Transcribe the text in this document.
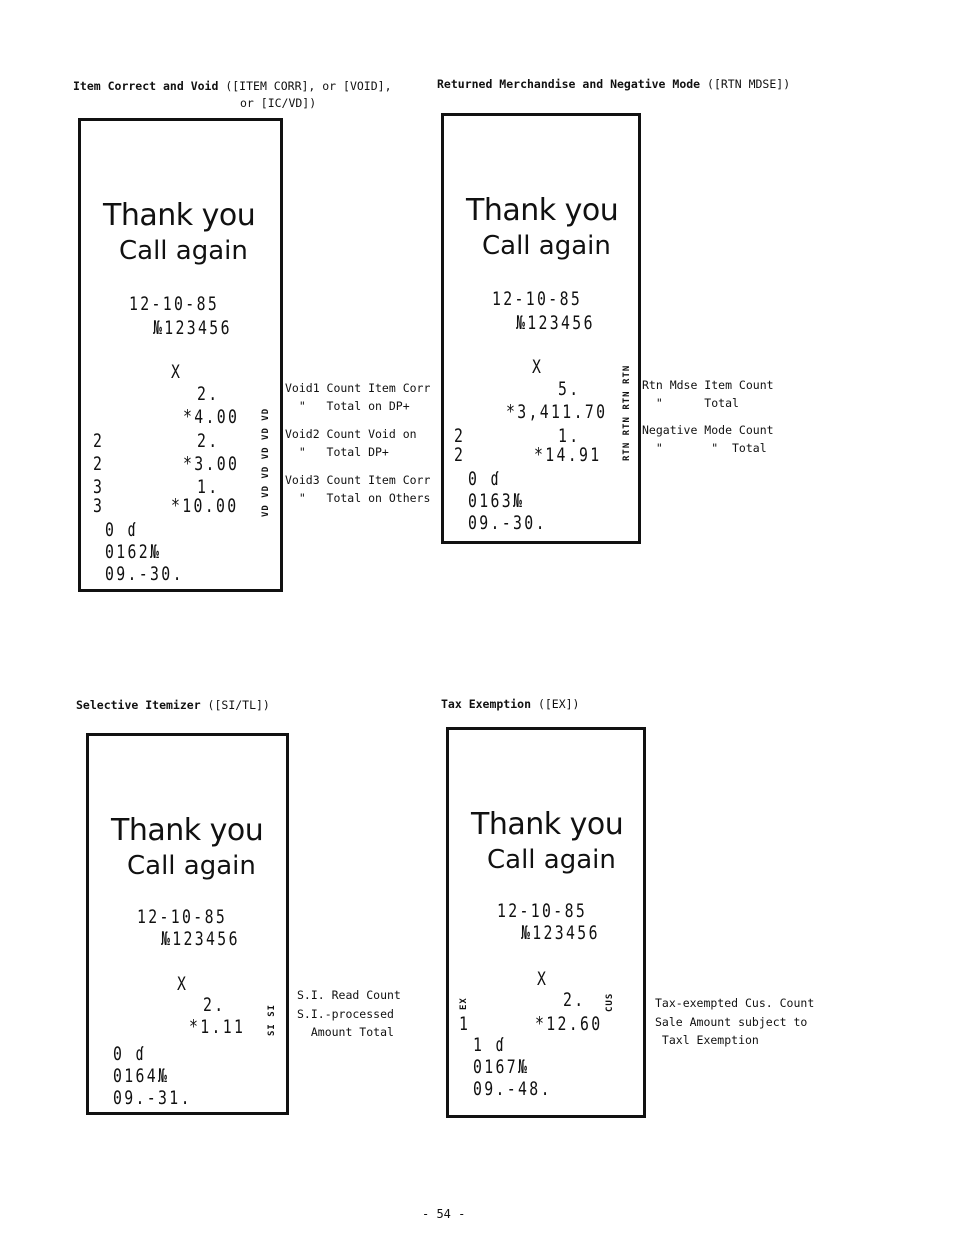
Item Correct and Void ([ITEM CORR], or [VOID],
or [IC/VD])
Thank you
Call again
12-10-85
№123456
X
2
2
3
3
2.
*4.00
2.
*3.00
1.
*10.00 VD VD VD VD VD VD
0 ɗ
0162№
09.-30.
Void1 Count Item Corr
"   Total on DP+
Void2 Count Void on
"   Total DP+
Void3 Count Item Corr
"   Total on Others
Returned Merchandise and Negative Mode ([RTN MDSE])
Thank you
Call again
12-10-85
№123456
X
2
2
5.
*3,411.70
1.
*14.91 RTN RTN RTN RTN
0 ɗ
0163№
09.-30.
Rtn Mdse Item Count
"      Total
Negative Mode Count
"       "  Total
Selective Itemizer ([SI/TL])
Thank you
Call again
12-10-85
№123456
X
2.
*1.11 SI SI
0 ɗ
0164№
09.-31.
S.I. Read Count
S.I.-processed
Amount Total
Tax Exemption ([EX])
Thank you
Call again
12-10-85
№123456
X
EX
1
2.
*12.60
CUS
1 ɗ
0167№
09.-48.
Tax-exempted Cus. Count
Sale Amount subject to
Taxl Exemption
- 54 -
